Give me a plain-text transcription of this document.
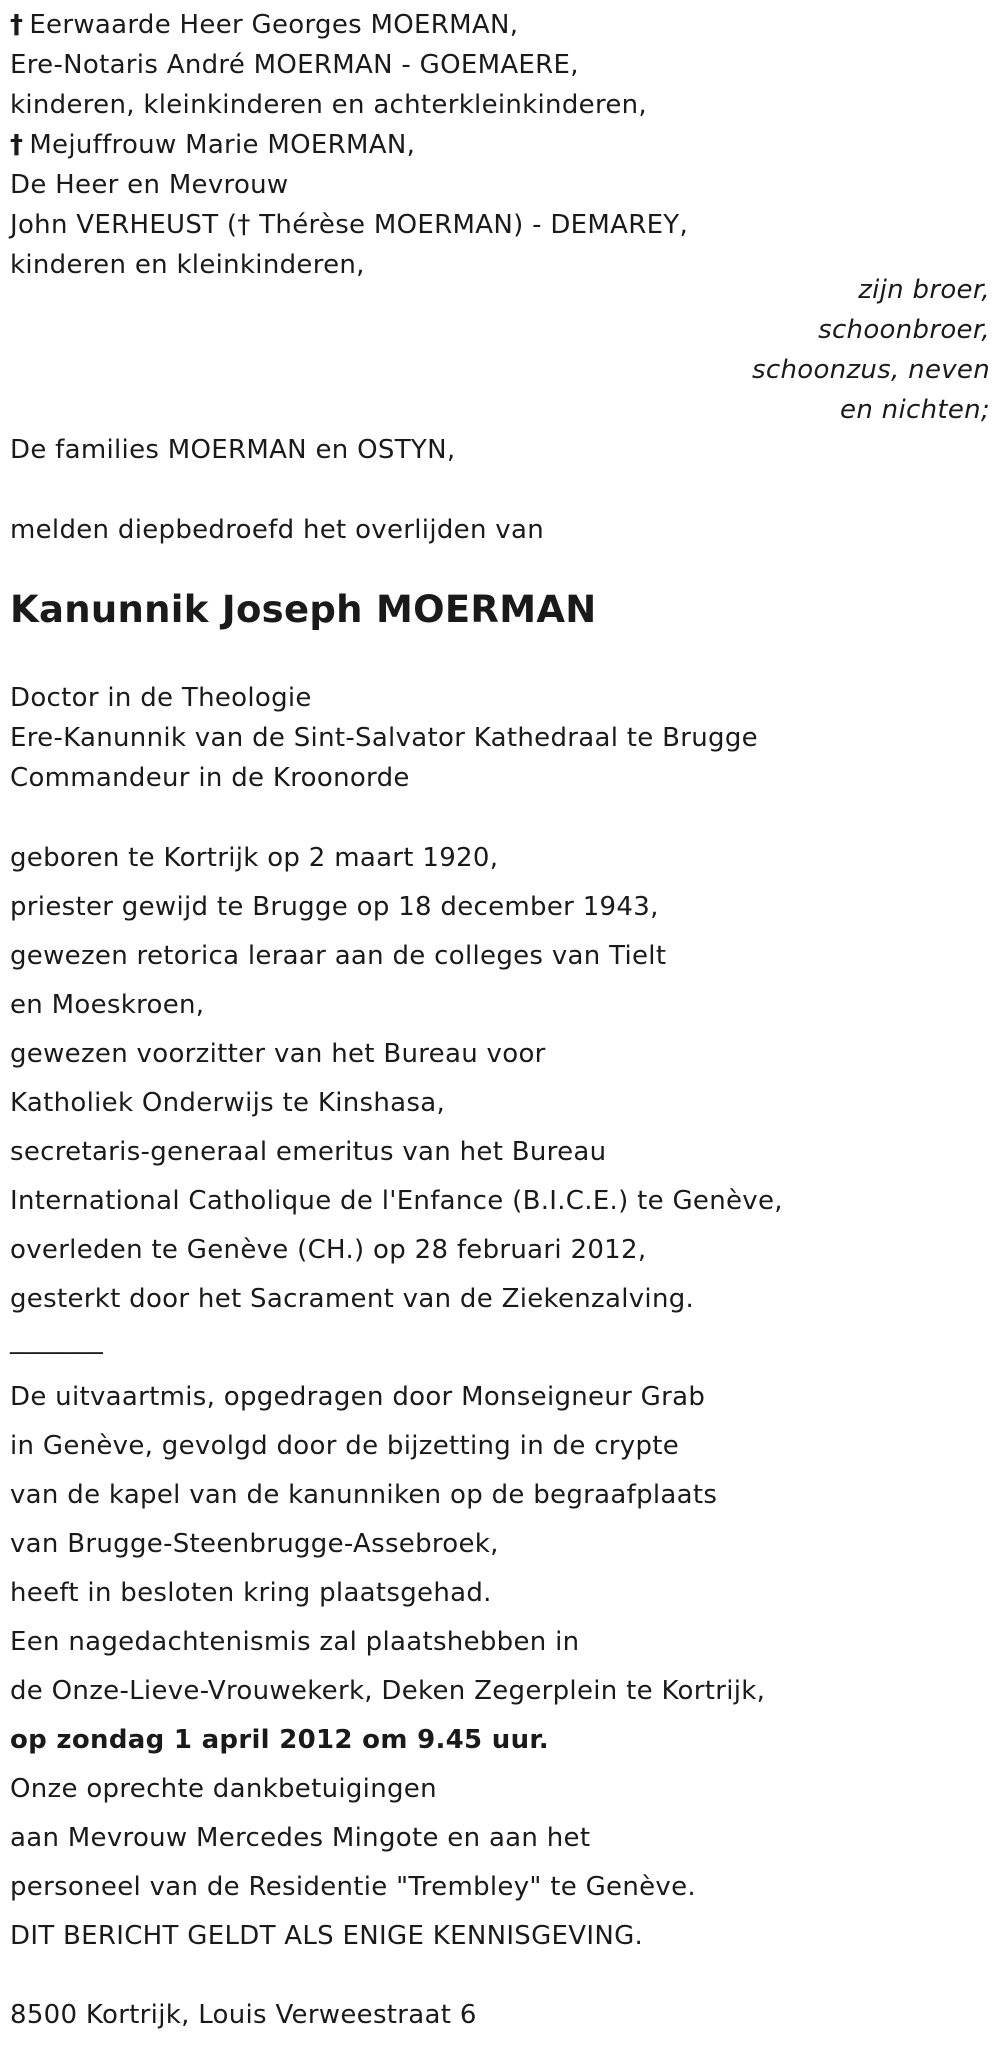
† Eerwaarde Heer Georges MOERMAN,
Ere-Notaris André MOERMAN - GOEMAERE,
kinderen, kleinkinderen en achterkleinkinderen,
† Mejuffrouw Marie MOERMAN,
De Heer en Mevrouw
John VERHEUST († Thérèse MOERMAN) - DEMAREY,
kinderen en kleinkinderen,
zijn broer,
schoonbroer,
schoonzus, neven
en nichten;
De families MOERMAN en OSTYN,
melden diepbedroefd het overlijden van
Kanunnik Joseph MOERMAN
Doctor in de Theologie
Ere-Kanunnik van de Sint-Salvator Kathedraal te Brugge
Commandeur in de Kroonorde
geboren te Kortrijk op 2 maart 1920,
priester gewijd te Brugge op 18 december 1943,
gewezen retorica leraar aan de colleges van Tielt
en Moeskroen,
gewezen voorzitter van het Bureau voor
Katholiek Onderwijs te Kinshasa,
secretaris-generaal emeritus van het Bureau
International Catholique de l'Enfance (B.I.C.E.) te Genève,
overleden te Genève (CH.) op 28 februari 2012,
gesterkt door het Sacrament van de Ziekenzalving.
_______
De uitvaartmis, opgedragen door Monseigneur Grab
in Genève, gevolgd door de bijzetting in de crypte
van de kapel van de kanunniken op de begraafplaats
van Brugge-Steenbrugge-Assebroek,
heeft in besloten kring plaatsgehad.
Een nagedachtenismis zal plaatshebben in
de Onze-Lieve-Vrouwekerk, Deken Zegerplein te Kortrijk,
op zondag 1 april 2012 om 9.45 uur.
Onze oprechte dankbetuigingen
aan Mevrouw Mercedes Mingote en aan het
personeel van de Residentie "Trembley" te Genève.
DIT BERICHT GELDT ALS ENIGE KENNISGEVING.
8500 Kortrijk, Louis Verweestraat 6
